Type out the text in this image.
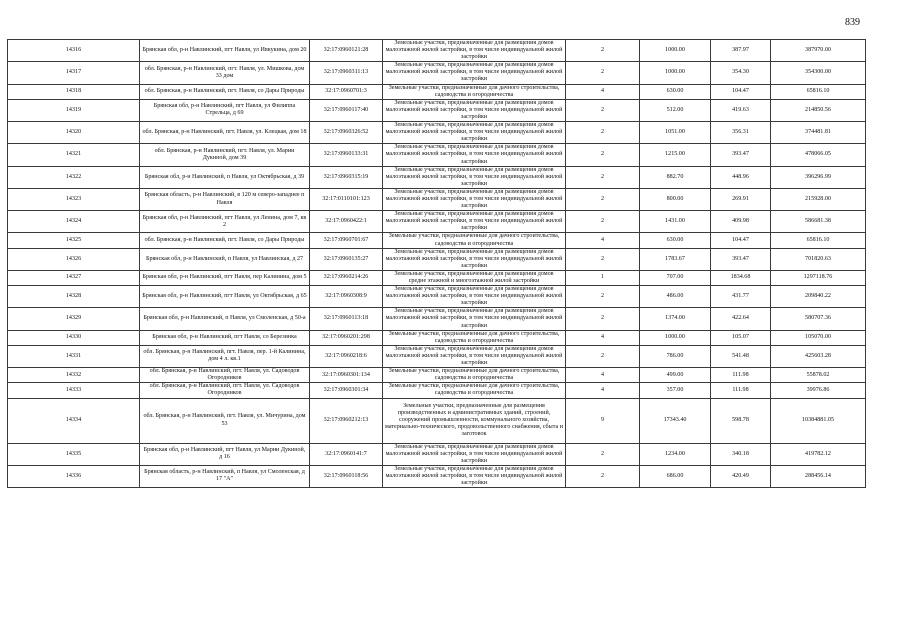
839
14316	Брянская обл, р-н Навлинский, пгт Навля, ул Ивкукина, дом 20	32:17:0960121:28	Земельные участки, предназначенные для размещения домов малоэтажной жилой застройки, в том числе индивидуальной жилой застройки	2	1000.00	387.97	387970.00
14317	обл. Брянская, р-н Навлинский, пгт. Навля, ул. Мишкова, дом 33 дом	32:17:0960311:13	Земельные участки, предназначенные для размещения домов малоэтажной жилой застройки, в том числе индивидуальной жилой застройки	2	1000.00	354.30	354300.00
14318	обл. Брянская, р-н Навлинский, пгт. Навля, со Дары Природы	32:17:0960701:3	Земельные участки, предназначенные для дачного строительства, садоводства и огородничества	4	630.00	104.47	65816.10
14319	Брянская обл, р-н Навлинский, пгт Навля, ул Филиппа Стрельца, д 69	32:17:0960117:40	Земельные участки, предназначенные для размещения домов малоэтажной жилой застройки, в том числе индивидуальной жилой застройки	2	512.00	419.63	214850.56
14320	обл. Брянская, р-н Навлинский, пгт. Навля, ул. Клецкая, дом 18	32:17:0960326:52	Земельные участки, предназначенные для размещения домов малоэтажной жилой застройки, в том числе индивидуальной жилой застройки	2	1051.00	356.31	374481.81
14321	обл. Брянская, р-н Навлинский, пгт. Навля, ул. Марии Дукиной, дом 39	32:17:0960133:31	Земельные участки, предназначенные для размещения домов малоэтажной жилой застройки, в том числе индивидуальной жилой застройки	2	1215.00	393.47	478066.05
14322	Брянская обл, р-н Навлинский, п Навля, ул Октябрьская, д 39	32:17:0960315:19	Земельные участки, предназначенные для размещения домов малоэтажной жилой застройки, в том числе индивидуальной жилой застройки	2	882.70	448.96	396296.99
14323	Брянская область, р-н Навлинский, в 120 м северо-западнее п Навля	32:17:0110101:123	Земельные участки, предназначенные для размещения домов малоэтажной жилой застройки, в том числе индивидуальной жилой застройки	2	800.00	269.91	215928.00
14324	Брянская обл, р-н Навлинский, пгт Навля, ул Ленина, дом 7, кв 2	32:17:0960422:1	Земельные участки, предназначенные для размещения домов малоэтажной жилой застройки, в том числе индивидуальной жилой застройки	2	1431.00	409.98	586681.38
14325	обл. Брянская, р-н Навлинский, пгт. Навля, со Дары Природы	32:17:0960701:67	Земельные участки, предназначенные для дачного строительства, садоводства и огородничества	4	630.00	104.47	65816.10
14326	Брянская обл, р-н Навлинский, п Навля, ул Навлинская, д 27	32:17:0960135:27	Земельные участки, предназначенные для размещения домов малоэтажной жилой застройки, в том числе индивидуальной жилой застройки	2	1783.67	393.47	701820.63
14327	Брянская обл, р-н Навлинский, пгт Навля, пер Калинина, дом 5	32:17:0960214:26	Земельные участки, предназначенные для размещения домов средне этажной и многоэтажной жилой застройки	1	707.00	1834.68	1297118.76
14328	Брянская обл, р-н Навлинский, пгт Навля, ул Октябрьская, д 65	32:17:0960308:9	Земельные участки, предназначенные для размещения домов малоэтажной жилой застройки, в том числе индивидуальной жилой застройки	2	486.00	431.77	209840.22
14329	Брянская обл, р-н Навлинский, п Навля, ул Смоленская, д 50-а	32:17:0960113:18	Земельные участки, предназначенные для размещения домов малоэтажной жилой застройки, в том числе индивидуальной жилой застройки	2	1374.00	422.64	580707.36
14330	Брянская обл, р-н Навлинский, пгт Навля, со Березинка	32:17:0960201:298	Земельные участки, предназначенные для дачного строительства, садоводства и огородничества	4	1000.00	105.07	105070.00
14331	обл. Брянская, р-н Навлинский, пгт. Навля, пер. 1-й Калинина, дом 4 л. кв.1	32:17:0960218:6	Земельные участки, предназначенные для размещения домов малоэтажной жилой застройки, в том числе индивидуальной жилой застройки	2	786.00	541.48	425603.28
14332	обл. Брянская, р-н Навлинский, пгт. Навля, ул. Садоводов Огородников	32:17:0960301:134	Земельные участки, предназначенные для дачного строительства, садоводства и огородничества	4	499.00	111.98	55878.02
14333	обл. Брянская, р-н Навлинский, пгт. Навля, ул. Садоводов Огородников	32:17:0960301:34	Земельные участки, предназначенные для дачного строительства, садоводства и огородничества	4	357.00	111.98	39976.86
14334	обл. Брянская, р-н Навлинский, пгт. Навля, ул. Мичурина, дом 53	32:17:0960212:13	Земельные участки, предназначенные для размещения производственных и административных зданий, строений, сооружений промышленности, коммунального хозяйства, материально-технического, продовольственного снабжения, сбыта и заготовок	9	17343.40	598.78	10384881.05
14335	Брянская обл, р-н Навлинский, пгт Навля, ул Марии Дукиной, д 16	32:17:0960141:7	Земельные участки, предназначенные для размещения домов малоэтажной жилой застройки, в том числе индивидуальной жилой застройки	2	1234.00	340.18	419782.12
14336	Брянская область, р-н Навлинский, п Навля, ул Смоленская, д 17 "А"	32:17:0960118:56	Земельные участки, предназначенные для размещения домов малоэтажной жилой застройки, в том числе индивидуальной жилой застройки	2	686.00	420.49	288456.14
